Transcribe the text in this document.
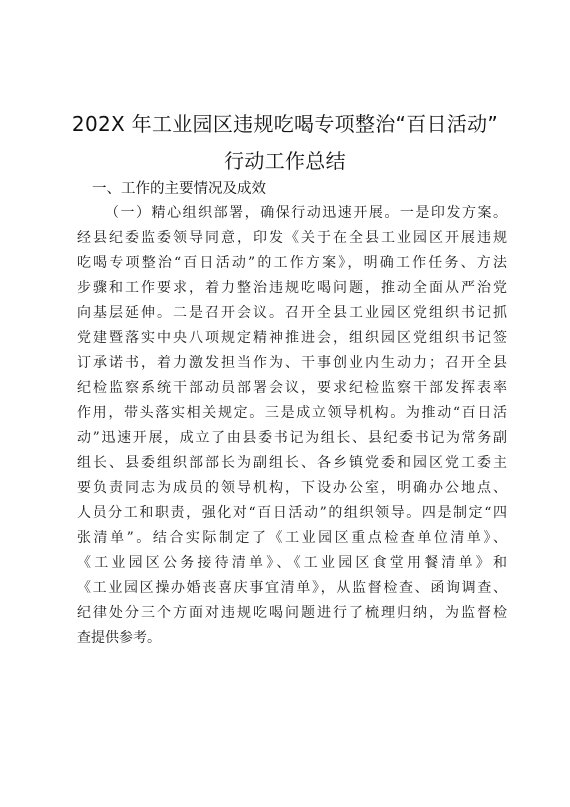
202X 年工业园区违规吃喝专项整治“百日活动”
行动工作总结
一、工作的主要情况及成效
（一）精心组织部署，确保行动迅速开展。一是印发方案。
经县纪委监委领导同意，印发《关于在全县工业园区开展违规
吃喝专项整治“百日活动”的工作方案》，明确工作任务、方法
步骤和工作要求，着力整治违规吃喝问题，推动全面从严治党
向基层延伸。二是召开会议。召开全县工业园区党组织书记抓
党建暨落实中央八项规定精神推进会，组织园区党组织书记签
订承诺书，着力激发担当作为、干事创业内生动力；召开全县
纪检监察系统干部动员部署会议，要求纪检监察干部发挥表率
作用，带头落实相关规定。三是成立领导机构。为推动“百日活
动”迅速开展，成立了由县委书记为组长、县纪委书记为常务副
组长、县委组织部部长为副组长、各乡镇党委和园区党工委主
要负责同志为成员的领导机构，下设办公室，明确办公地点、
人员分工和职责，强化对“百日活动”的组织领导。四是制定“四
张清单”。结合实际制定了《工业园区重点检查单位清单》、
《工业园区公务接待清单》、《工业园区食堂用餐清单》和
《工业园区操办婚丧喜庆事宜清单》，从监督检查、函询调查、
纪律处分三个方面对违规吃喝问题进行了梳理归纳，为监督检
查提供参考。
